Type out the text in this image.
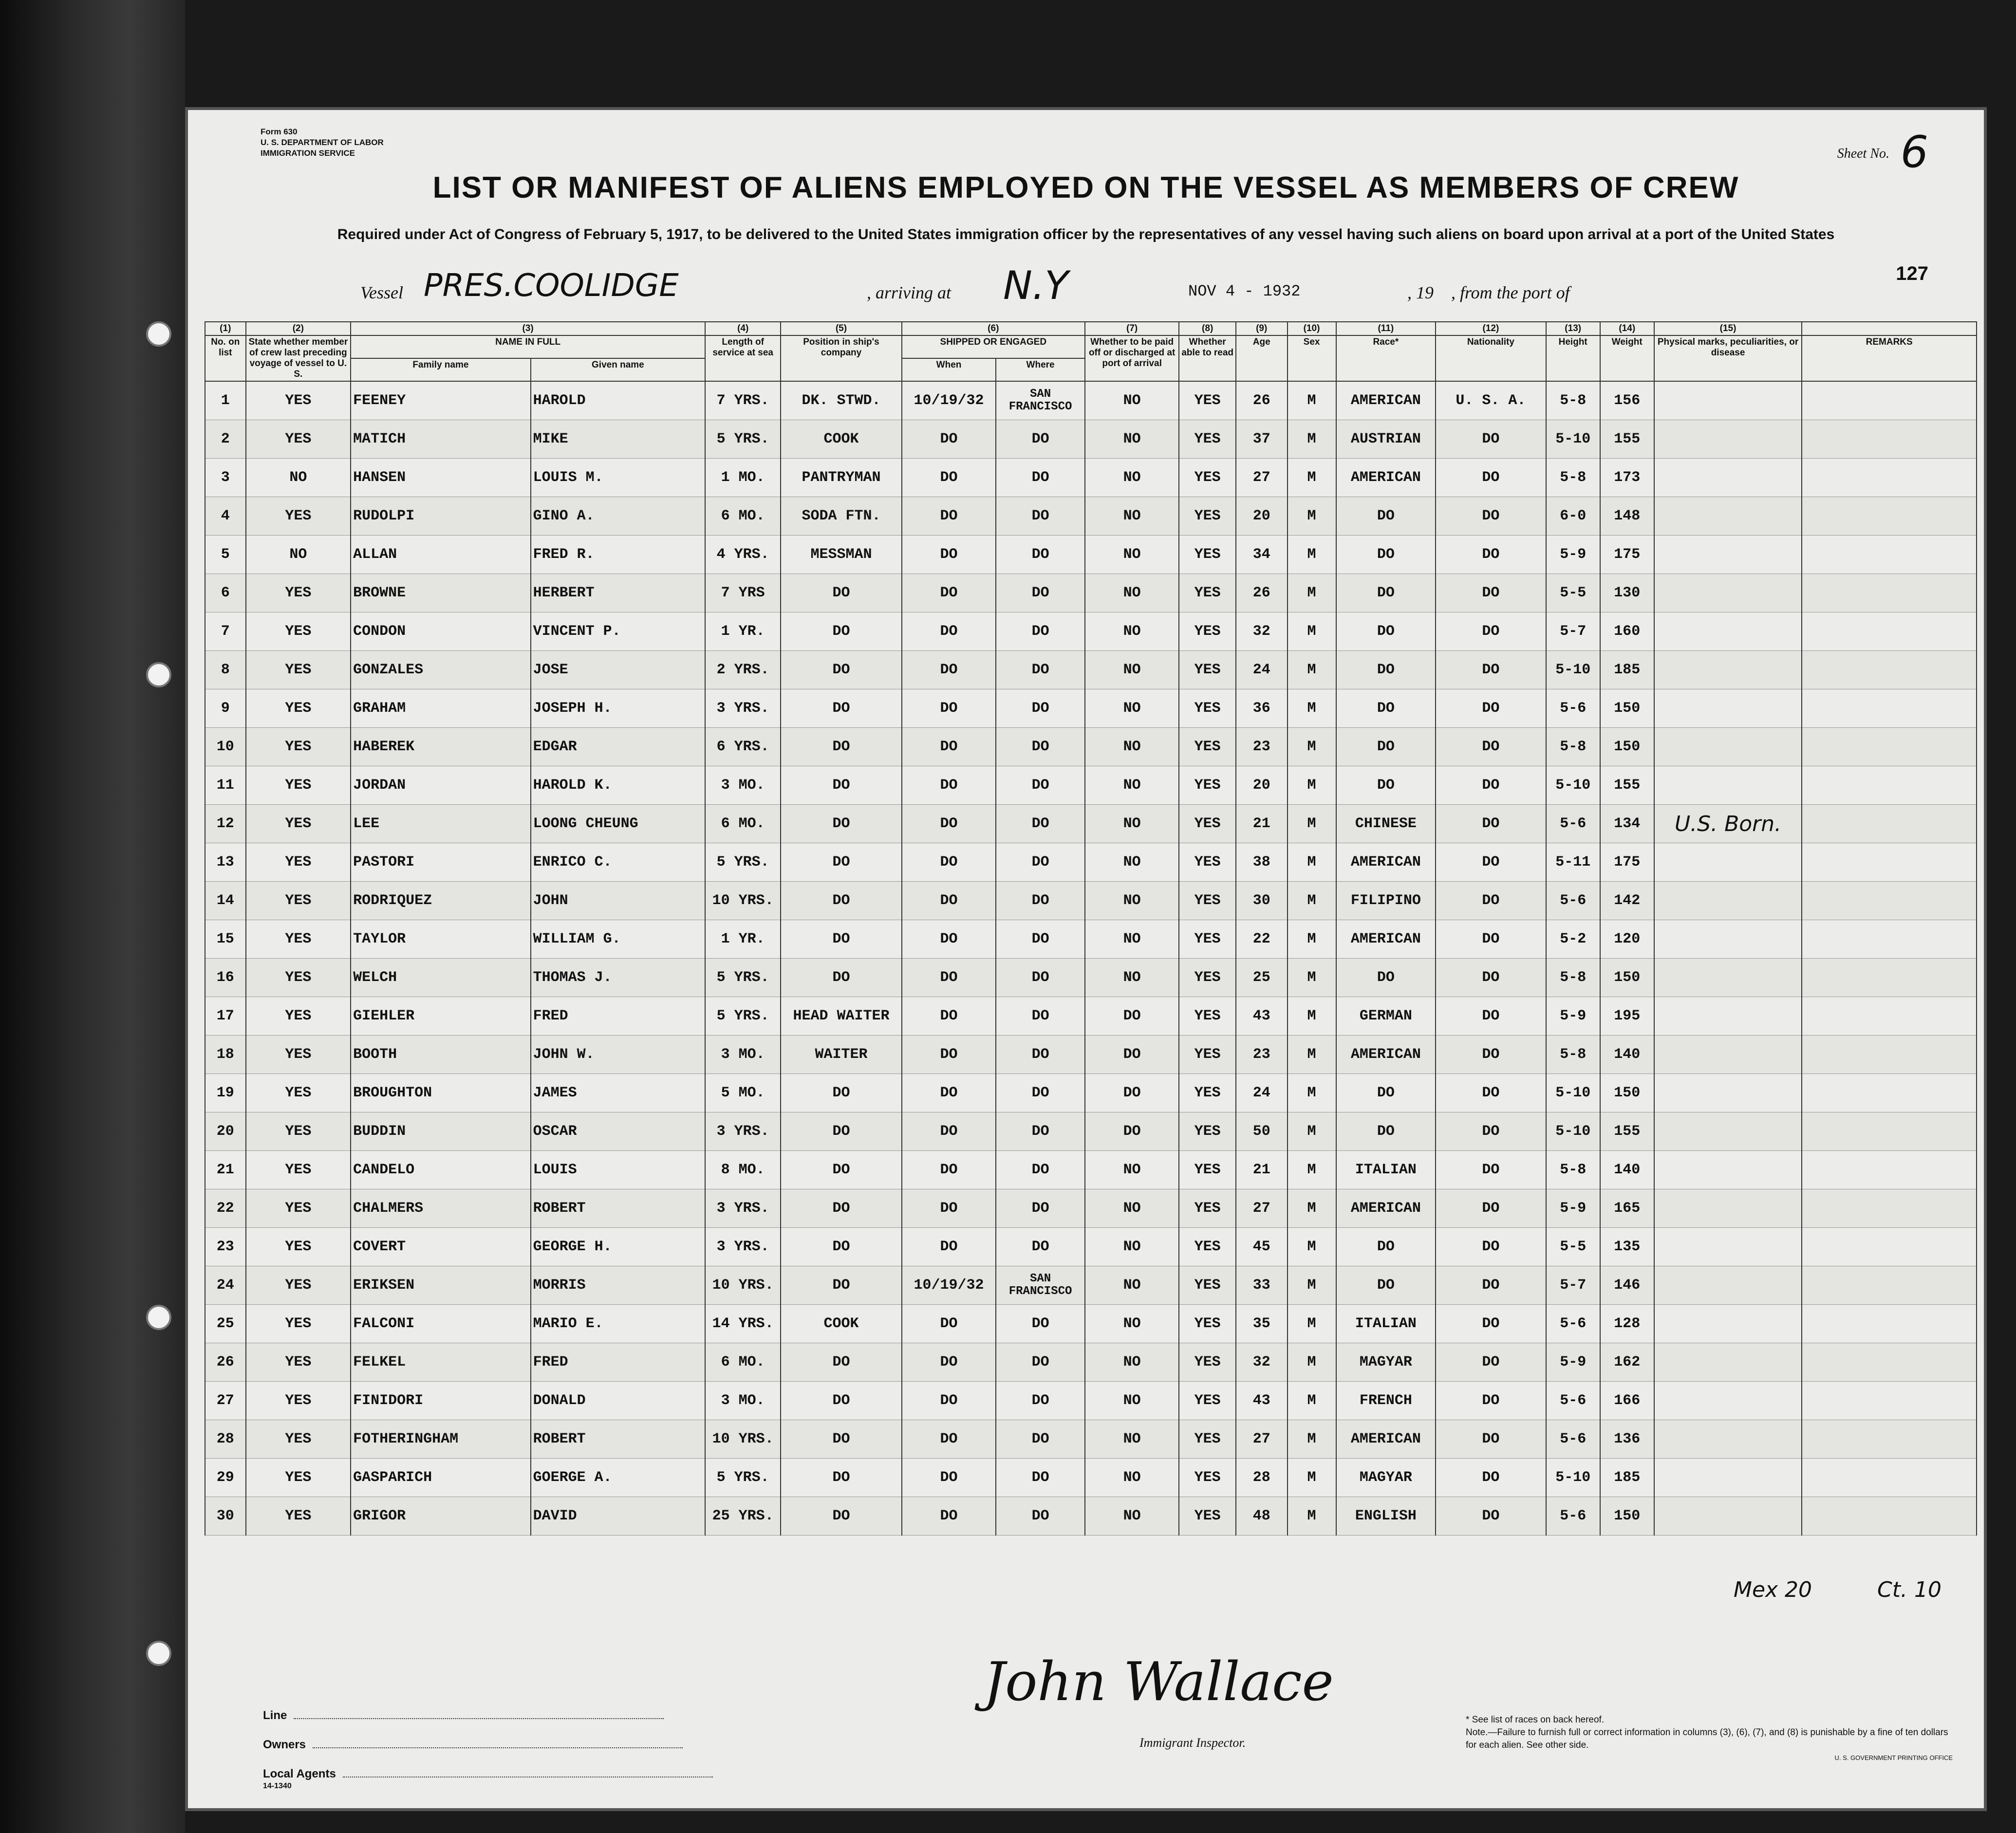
Form 630
U. S. DEPARTMENT OF LABOR
IMMIGRATION SERVICE	Sheet No. 6
LIST OR MANIFEST OF ALIENS EMPLOYED ON THE VESSEL AS MEMBERS OF CREW
Required under Act of Congress of February 5, 1917, to be delivered to the United States immigration officer by the representatives of any vessel having such aliens on board upon arrival at a port of the United States
Vessel PRES.COOLIDGE	, arriving at N.Y	NOV 4 - 1932	, 19 , from the port of
127
(1)	(2)	(3)		(4)	(5)	(6)		(7)	(8)	(9)	(10)	(11)	(12)	(13)	(14)	(15)	
No. on list	State whether member of crew last preceding voyage of vessel to U. S.	NAME IN FULL		Length of service at sea	Position in ship's company	SHIPPED OR ENGAGED		Whether to be paid off or discharged at port of arrival	Whether able to read	Age	Sex	Race*	Nationality	Height	Weight	Physical marks, peculiarities, or disease	REMARKS
		Family name	Given name			When	Where										
1	YES	FEENEY	HAROLD	7 YRS.	DK. STWD.	10/19/32	SAN FRANCISCO	NO	YES	26	M	AMERICAN	U. S. A.	5-8	156		
2	YES	MATICH	MIKE	5 YRS.	COOK	DO	DO	NO	YES	37	M	AUSTRIAN	DO	5-10	155		
3	NO	HANSEN	LOUIS M.	1 MO.	PANTRYMAN	DO	DO	NO	YES	27	M	AMERICAN	DO	5-8	173		
4	YES	RUDOLPI	GINO A.	6 MO.	SODA FTN.	DO	DO	NO	YES	20	M	DO	DO	6-0	148		
5	NO	ALLAN	FRED R.	4 YRS.	MESSMAN	DO	DO	NO	YES	34	M	DO	DO	5-9	175		
6	YES	BROWNE	HERBERT	7 YRS	DO	DO	DO	NO	YES	26	M	DO	DO	5-5	130		
7	YES	CONDON	VINCENT P.	1 YR.	DO	DO	DO	NO	YES	32	M	DO	DO	5-7	160		
8	YES	GONZALES	JOSE	2 YRS.	DO	DO	DO	NO	YES	24	M	DO	DO	5-10	185		
9	YES	GRAHAM	JOSEPH H.	3 YRS.	DO	DO	DO	NO	YES	36	M	DO	DO	5-6	150		
10	YES	HABEREK	EDGAR	6 YRS.	DO	DO	DO	NO	YES	23	M	DO	DO	5-8	150		
11	YES	JORDAN	HAROLD K.	3 MO.	DO	DO	DO	NO	YES	20	M	DO	DO	5-10	155		
12	YES	LEE	LOONG CHEUNG	6 MO.	DO	DO	DO	NO	YES	21	M	CHINESE	DO	5-6	134	U.S. Born.	
13	YES	PASTORI	ENRICO C.	5 YRS.	DO	DO	DO	NO	YES	38	M	AMERICAN	DO	5-11	175		
14	YES	RODRIQUEZ	JOHN	10 YRS.	DO	DO	DO	NO	YES	30	M	FILIPINO	DO	5-6	142		
15	YES	TAYLOR	WILLIAM G.	1 YR.	DO	DO	DO	NO	YES	22	M	AMERICAN	DO	5-2	120		
16	YES	WELCH	THOMAS J.	5 YRS.	DO	DO	DO	NO	YES	25	M	DO	DO	5-8	150		
17	YES	GIEHLER	FRED	5 YRS.	HEAD WAITER	DO	DO	DO	YES	43	M	GERMAN	DO	5-9	195		
18	YES	BOOTH	JOHN W.	3 MO.	WAITER	DO	DO	DO	YES	23	M	AMERICAN	DO	5-8	140		
19	YES	BROUGHTON	JAMES	5 MO.	DO	DO	DO	DO	YES	24	M	DO	DO	5-10	150		
20	YES	BUDDIN	OSCAR	3 YRS.	DO	DO	DO	DO	YES	50	M	DO	DO	5-10	155		
21	YES	CANDELO	LOUIS	8 MO.	DO	DO	DO	NO	YES	21	M	ITALIAN	DO	5-8	140		
22	YES	CHALMERS	ROBERT	3 YRS.	DO	DO	DO	NO	YES	27	M	AMERICAN	DO	5-9	165		
23	YES	COVERT	GEORGE H.	3 YRS.	DO	DO	DO	NO	YES	45	M	DO	DO	5-5	135		
24	YES	ERIKSEN	MORRIS	10 YRS.	DO	10/19/32	SAN FRANCISCO	NO	YES	33	M	DO	DO	5-7	146		
25	YES	FALCONI	MARIO E.	14 YRS.	COOK	DO	DO	NO	YES	35	M	ITALIAN	DO	5-6	128		
26	YES	FELKEL	FRED	6 MO.	DO	DO	DO	NO	YES	32	M	MAGYAR	DO	5-9	162		
27	YES	FINIDORI	DONALD	3 MO.	DO	DO	DO	NO	YES	43	M	FRENCH	DO	5-6	166		
28	YES	FOTHERINGHAM	ROBERT	10 YRS.	DO	DO	DO	NO	YES	27	M	AMERICAN	DO	5-6	136		
29	YES	GASPARICH	GOERGE A.	5 YRS.	DO	DO	DO	NO	YES	28	M	MAGYAR	DO	5-10	185		
30	YES	GRIGOR	DAVID	25 YRS.	DO	DO	DO	NO	YES	48	M	ENGLISH	DO	5-6	150		
Line
Owners
Local Agents
14-1340
John Wallace
Immigrant Inspector.
* See list of races on back hereof.
Note.—Failure to furnish full or correct information in columns (3), (6), (7), and (8) is punishable by a fine of ten dollars for each alien. See other side.
U. S. GOVERNMENT PRINTING OFFICE
Mex 20	Ct. 10
